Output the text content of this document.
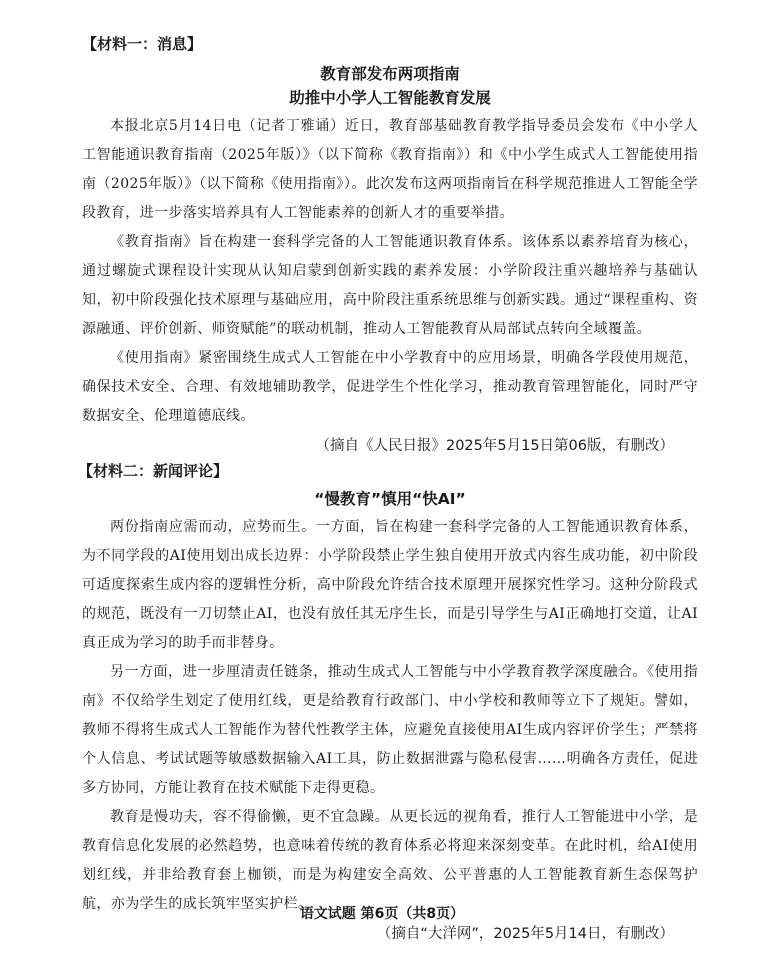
【材料一：消息】

教育部发布两项指南

助推中小学人工智能教育发展

本报北京5月14日电（记者丁雅诵）近日，教育部基础教育教学指导委员会发布《中小学人工智能通识教育指南（2025年版）》（以下简称《教育指南》）和《中小学生成式人工智能使用指南（2025年版）》（以下简称《使用指南》）。此次发布这两项指南旨在科学规范推进人工智能全学段教育，进一步落实培养具有人工智能素养的创新人才的重要举措。

《教育指南》旨在构建一套科学完备的人工智能通识教育体系。该体系以素养培育为核心，通过螺旋式课程设计实现从认知启蒙到创新实践的素养发展：小学阶段注重兴趣培养与基础认知，初中阶段强化技术原理与基础应用，高中阶段注重系统思维与创新实践。通过“课程重构、资源融通、评价创新、师资赋能”的联动机制，推动人工智能教育从局部试点转向全域覆盖。

《使用指南》紧密围绕生成式人工智能在中小学教育中的应用场景，明确各学段使用规范，确保技术安全、合理、有效地辅助教学，促进学生个性化学习，推动教育管理智能化，同时严守数据安全、伦理道德底线。

（摘自《人民日报》2025年5月15日第06版，有删改）

【材料二：新闻评论】

“慢教育”慎用“快AI”

两份指南应需而动，应势而生。一方面，旨在构建一套科学完备的人工智能通识教育体系，为不同学段的AI使用划出成长边界：小学阶段禁止学生独自使用开放式内容生成功能，初中阶段可适度探索生成内容的逻辑性分析，高中阶段允许结合技术原理开展探究性学习。这种分阶段式的规范，既没有一刀切禁止AI，也没有放任其无序生长，而是引导学生与AI正确地打交道，让AI真正成为学习的助手而非替身。

另一方面，进一步厘清责任链条，推动生成式人工智能与中小学教育教学深度融合。《使用指南》不仅给学生划定了使用红线，更是给教育行政部门、中小学校和教师等立下了规矩。譬如，教师不得将生成式人工智能作为替代性教学主体，应避免直接使用AI生成内容评价学生；严禁将个人信息、考试试题等敏感数据输入AI工具，防止数据泄露与隐私侵害……明确各方责任，促进多方协同，方能让教育在技术赋能下走得更稳。

教育是慢功夫，容不得偷懒，更不宜急躁。从更长远的视角看，推行人工智能进中小学，是教育信息化发展的必然趋势，也意味着传统的教育体系必将迎来深刻变革。在此时机，给AI使用划红线，并非给教育套上枷锁，而是为构建安全高效、公平普惠的人工智能教育新生态保驾护航，亦为学生的成长筑牢坚实护栏。

（摘自“大洋网”，2025年5月14日，有删改）

语文试题 第6页（共8页）
